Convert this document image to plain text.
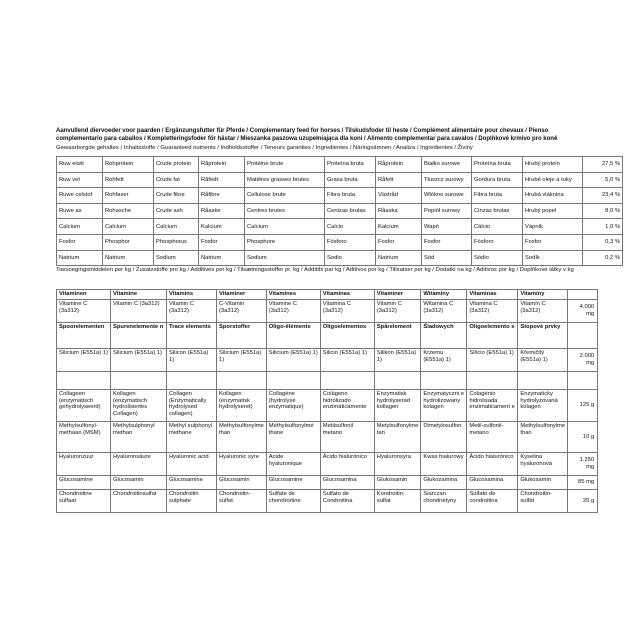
Aanvullend diervoeder voor paarden / Ergänzungsfutter für Pferde / Complementary feed for horses / Tilskudsfoder til heste / Complément alimentaire pour chevaux / Pienso complementario para caballos / Kompletteringsfoder för hästar / Mieszanka paszowa uzupełniająca dla koni / Alimento complementar para cavalos / Doplňkové krmivo pro koně
Gewaarborgde gehaltes / Inhaltsstoffe / Guaranteed nutrients / Indholdsstoffer / Teneurs garanties / Ingredientes / Näringsämnen / Analiza / Ingredientes / Živiny
Ruw eiwit	Rohprotein	Crude protein	Råprotein	Protéine brute	Proteína bruta	Råprotein	Białko surowe	Proteína bruta	Hrubý protein	27,5 %
Ruw vet	Rohfett	Crude fat	Råfedt	Matières grasses brutes	Grasa bruta	Råfett	Tłuszcz surowy	Gordura bruta	Hrubé oleje a tuky	5,0 %
Ruwe celstof	Rohfaser	Crude fibre	Råfibre	Cellulose brute	Fibra bruta	Växtråd	Włókno surowe	Fibra bruta	Hrubá vláknina	23,4 %
Ruwe as	Rohasche	Crude ash	Råaske	Centres brutes	Cenizas brutas	Råaska	Popiół surowy	Cinzas brutas	Hrubý popel	8,0 %
Calcium	Calcium	Calcium	Kalcium	Calcium	Calcio	Kalcium	Wapń	Cálcio	Vápník	1,0 %
Fosfor	Phosphor	Phosphorus	Fosfor	Phosphore	Fósforo	Fosfor	Fosfor	Fósforo	Fosfor	0,3 %
Natrium	Natrium	Sodium	Natrium	Sodium	Sodio	Natrium	Sód	Sódio	Sodík	0,2 %
Toevoegingsmiddelen per kg / Zusatzstoffe pro kg / Additives per kg / Tilsætningsstoffer pr. kg / Additifs par kg / Aditivos por kg / Tillsatser per kg / Dodatki na kg / Aditivos por kg / Doplňkové látky v kg
Vitaminen	Vitamine	Vitamins	Vitaminer	Vitamines	Vitaminas	Vitaminer	Witaminy	Vitaminas	Vitamíny	
Vitamine C (3a312)	Vitamin C (3a312)	Vitamin C (3a312)	C-Vitamin (3a312)	Vitamine C (3a312)	Vitamina C (3a312)	Vitamin C (3a312)	Witamina C (3a312)	Vitamina C (3a312)	Vitamín C (3a312)	4.000 mg
Spoorelementen	Spurenelemente n	Trace elements	Sporstoffer	Oligo-éléments	Oligoelementos	Spårelement	Śladowych	Oligoelemento s	Stopové prvky	
Silicium (E551a) 1)	Silicium (E551a) 1)	Silicon (E551a) 1)	Silicium (E551a) 1)	Silicium (E551a) 1)	Silicio (E551a) 1)	Silikon (E551a) 1)	Krzemu (E551a) 1)	Silício (E551a) 1)	Křemičitý (E551a) 1)	2.000 mg

Collageen (enzymatisch gehydrolyseerd)	Kollagen (enzymatisch hydrolisiertes Collagen)	Collagen (Enzymatically hydrolysed collagen)	Kollagen (enzymatisk hydrolyseret)	Collagène (hydrolysé enzymatique)	Colágeno hidrolizado enzimáticamente	Enzymatisk hydrolyserad kollagen	Enzymatyczni e hydrolizowany kolagen	Colagénio hidrolisada enzimaticament e	Enzymaticky hydrolyzovaná kolagen	125 g
Methylsulfonyl-methaan (MSM)	Methylsulphonyl methan	Methyl sulphonyl methane	Methylsulfonylme than	Méthylsulfonylmé thane	Metilsulfonil metano	Metylsulfonylme tan	Dimetylosulfon	Metil-sulfonil-metano	Methylsulfonylme than	10 g
Hyaluronzuur	Hyaluronsäure	Hyaluronic acid	Hyaluronic syre	Acide hyaluronique	Ácido hialurónico	Hyaluronsyra	Kwas hialurowy	Ácido hialurónico	Kyselina hyaluronová	1.250 mg
Glucosamine	Glucosamin	Glucosamine	Glucosamin	Glucosamine	Glucosamina	Glukosamin	Glukozamina	Glucosamina	Glukosamin	85 mg
Chondroitine sulfaat	Chondroitinsulfat	Chondroitin sulphate	Chondroitin-sulfat	Sulfate de chondroïtine	Sulfato de Condroitina	Kondroitin-sulfat	Siarczan chondroityny	Sulfato de condroitina	Chondroitin-sulfát	20 g
